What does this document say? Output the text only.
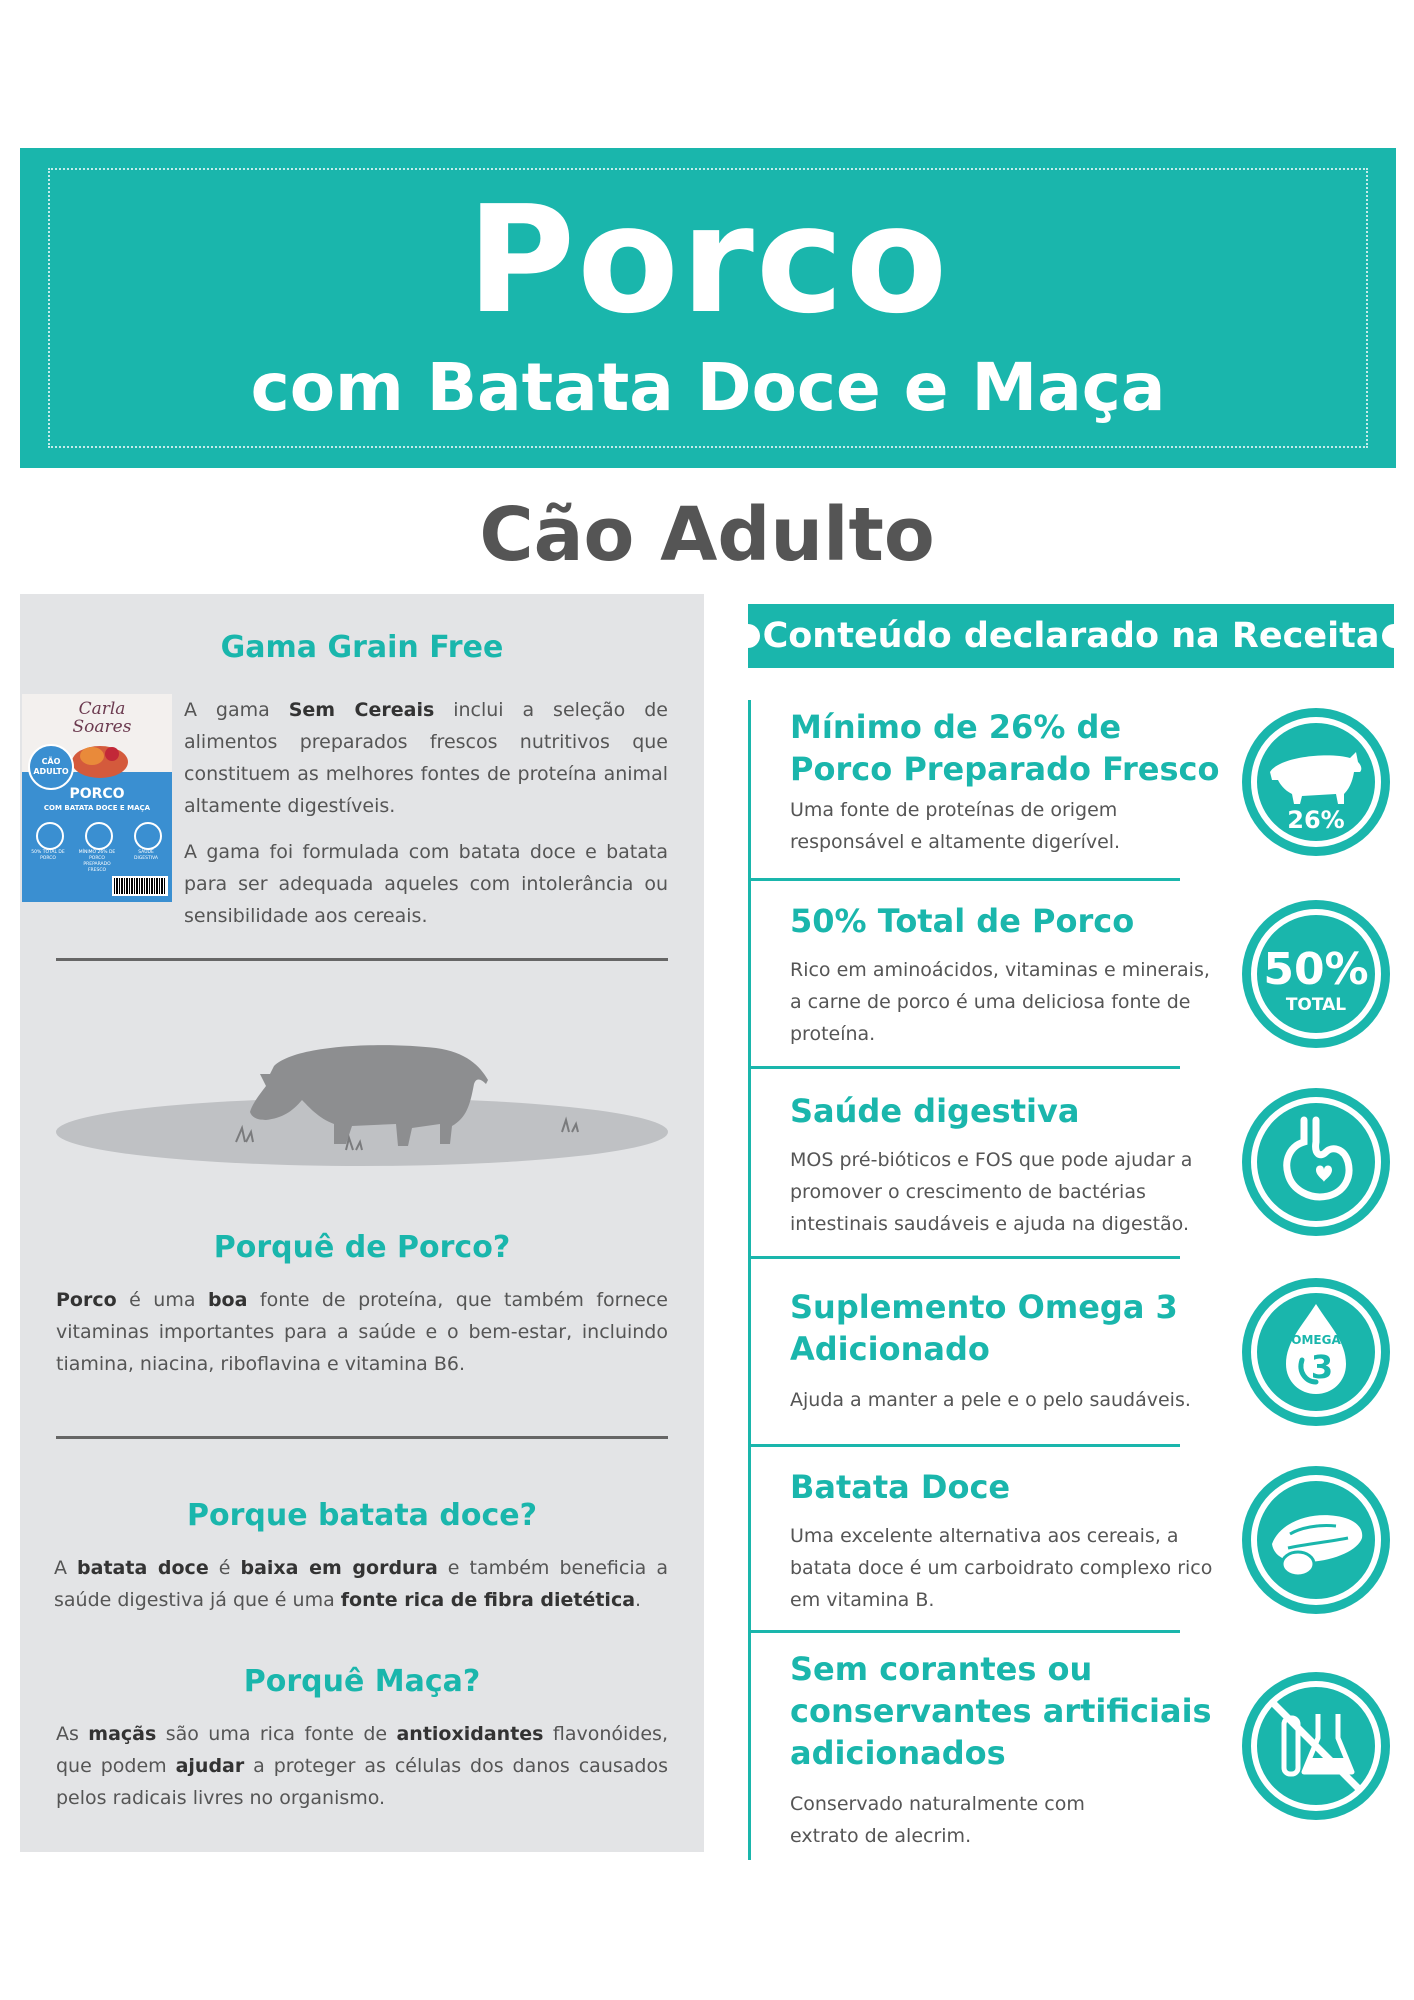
Porco
com Batata Doce e Maça
Cão Adulto
Gama Grain Free
Carla Soares
CÃO ADULTO
PORCO
COM BATATA DOCE E MAÇA
50% TOTAL DE PORCO
MÍNIMO 26% DE PORCO PREPARADO FRESCO
SAÚDE DIGESTIVA
A gama Sem Cereais inclui a seleção de alimentos preparados frescos nutritivos que constituem as melhores fontes de proteína animal altamente digestíveis.
A gama foi formulada com batata doce e batata para ser adequada aqueles com intolerância ou sensibilidade aos cereais.
Porquê de Porco?
Porco é uma boa fonte de proteína, que também fornece vitaminas importantes para a saúde e o bem-estar, incluindo tiamina, niacina, riboflavina e vitamina B6.
Porque batata doce?
A batata doce é baixa em gordura e também beneficia a saúde digestiva já que é uma fonte rica de fibra dietética.
Porquê Maça?
As maçãs são uma rica fonte de antioxidantes flavonóides, que podem ajudar a proteger as células dos danos causados pelos radicais livres no organismo.
Conteúdo declarado na Receita
Mínimo de 26% de Porco Preparado Fresco
Uma fonte de proteínas de origem responsável e altamente digerível.
26%
50% Total de Porco
Rico em aminoácidos, vitaminas e minerais, a carne de porco é uma deliciosa fonte de proteína.
50%
TOTAL
Saúde digestiva
MOS pré-bióticos e FOS que pode ajudar a promover o crescimento de bactérias intestinais saudáveis e ajuda na digestão.
Suplemento Omega 3 Adicionado
Ajuda a manter a pele e o pelo saudáveis.
OMEGA
3
Batata Doce
Uma excelente alternativa aos cereais, a batata doce é um carboidrato complexo rico em vitamina B.
Sem corantes ou conservantes artificiais adicionados
Conservado naturalmente com extrato de alecrim.
